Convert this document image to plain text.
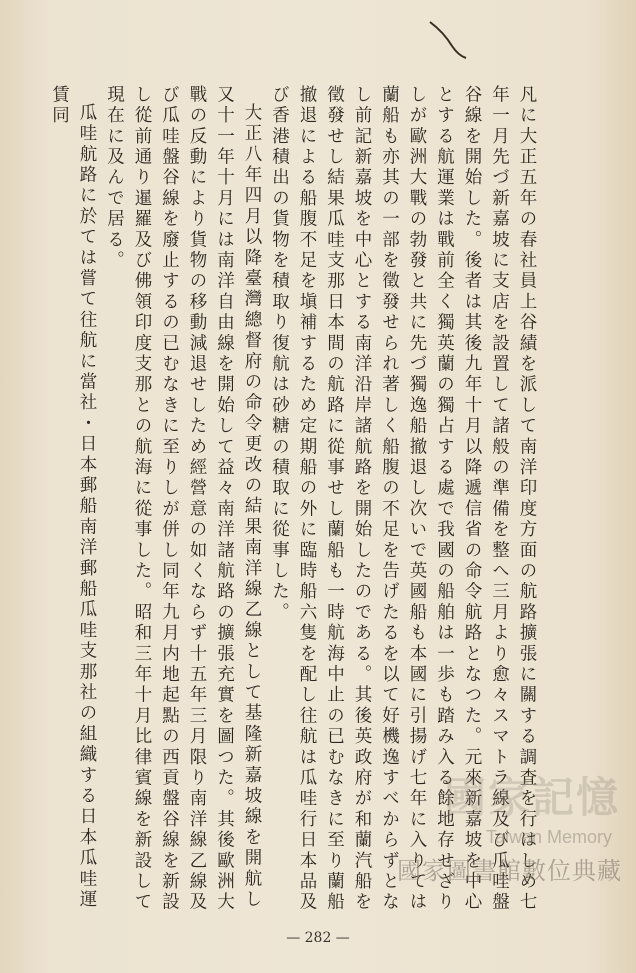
凡に大正五年の春社員上谷績を派して南洋印度方面の航路擴張に關する調査を行はしめ七年一月先づ新嘉坡に支店を設置して諸般の準備を整へ三月より愈々スマトラ線及び瓜哇盤谷線を開始した。後者は其後九年十月以降遞信省の命令航路となつた。元來新嘉坡を中心とする航運業は戰前全く獨英蘭の獨占する處で我國の船舶は一歩も踏み入る餘地存せざりしが歐洲大戰の勃發と共に先づ獨逸船撤退し次いで英國船も本國に引揚げ七年に入りては蘭船も亦其の一部を徵發せられ著しく船腹の不足を告げたるを以て好機逸すべからずとなし前記新嘉坡を中心とする南洋沿岸諸航路を開始したのである。其後英政府が和蘭汽船を徵發せし結果瓜哇支那日本間の航路に從事せし蘭船も一時航海中止の已むなきに至り蘭船撤退による船腹不足を塡補するため定期船の外に臨時船六隻を配し往航は瓜哇行日本品及び香港積出の貨物を積取り復航は砂糖の積取に從事した。

大正八年四月以降臺灣總督府の命令更改の結果南洋線乙線として基隆新嘉坡線を開航し又十一年十月には南洋自由線を開始して益々南洋諸航路の擴張充實を圖つた。其後歐洲大戰の反動により貨物の移動減退せしため經營意の如くならず十五年三月限り南洋線乙線及び瓜哇盤谷線を廢止するの已むなきに至りしが併し同年九月内地起點の西貢盤谷線を新設し從前通り暹羅及び佛領印度支那との航海に從事した。昭和三年十月比律賓線を新設して現在に及んで居る。

瓜哇航路に於ては嘗て往航に當社・日本郵船南洋郵船瓜哇支那社の組織する日本瓜哇運賃同

— 282 —
國家記憶
Taiwan Memory
國家圖書館數位典藏
